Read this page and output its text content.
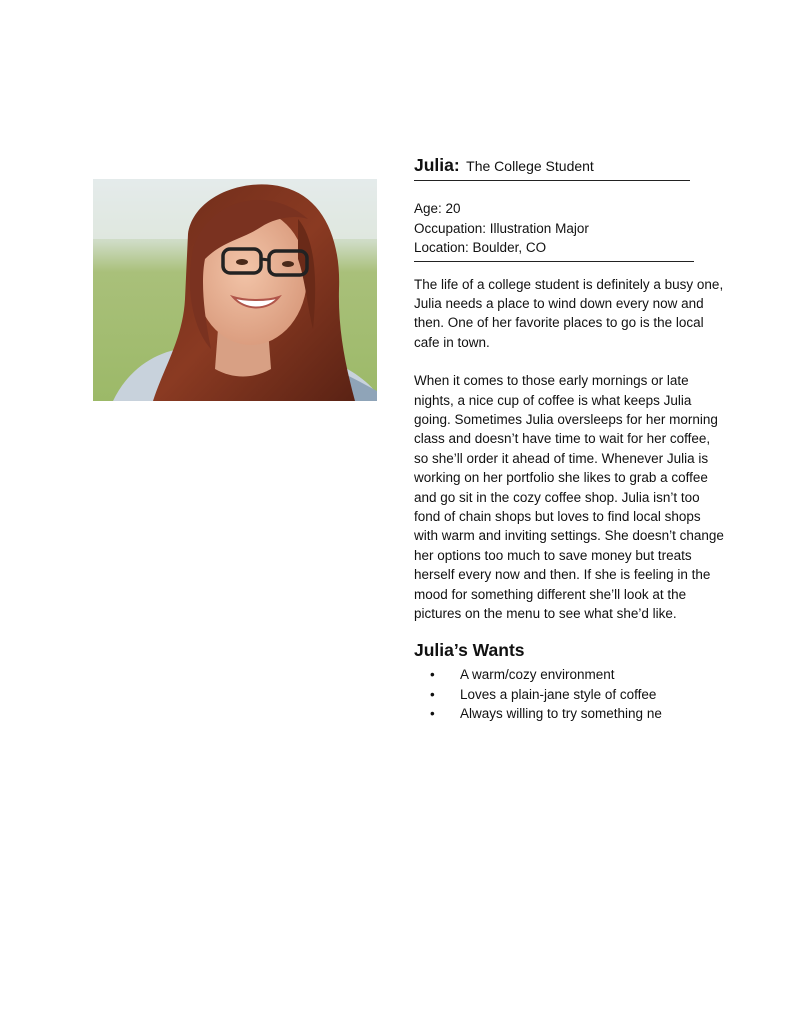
Julia: The College Student
Age: 20
Occupation: Illustration Major
Location: Boulder, CO

The life of a college student is definitely a busy one, Julia needs a place to wind down every now and then. One of her favorite places to go is the local cafe in town.

When it comes to those early mornings or late nights, a nice cup of coffee is what keeps Julia going. Sometimes Julia oversleeps for her morning class and doesn’t have time to wait for her coffee, so she’ll order it ahead of time. Whenever Julia is working on her portfolio she likes to grab a coffee and go sit in the cozy coffee shop. Julia isn’t too fond of chain shops but loves to find local shops with warm and inviting settings. She doesn’t change her options too much to save money but treats herself every now and then. If she is feeling in the mood for something different she’ll look at the pictures on the menu to see what she’d like.

Julia’s Wants
• A warm/cozy environment
• Loves a plain-jane style of coffee
• Always willing to try something ne
